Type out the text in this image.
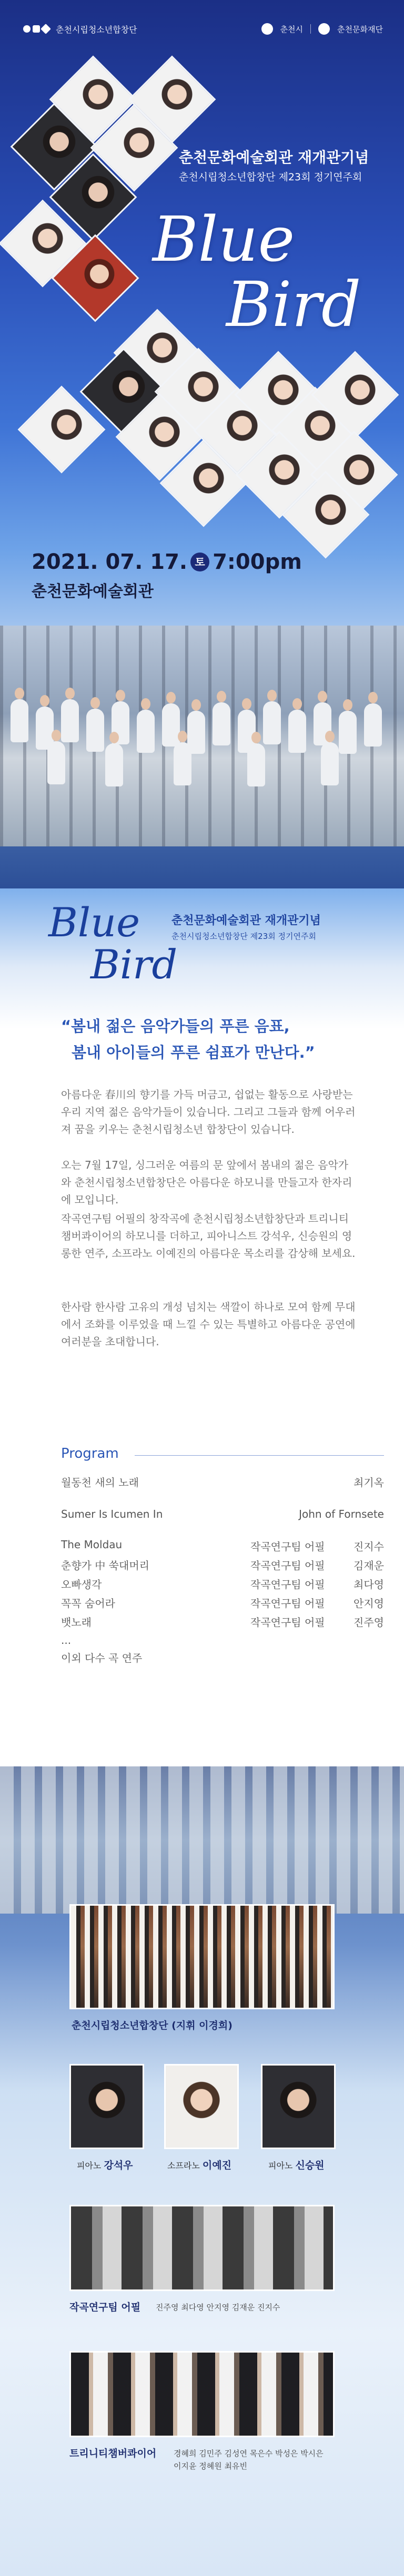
춘천시립청소년합창단	춘천시	춘천문화재단
춘천문화예술회관 재개관기념
춘천시립청소년합창단 제23회 정기연주회
Blue
Bird
2021. 07. 17. 토 7:00pm
춘천문화예술회관
Blue
Bird
춘천문화예술회관 재개관기념
춘천시립청소년합창단 제23회 정기연주회
“봄내 젊은 음악가들의 푸른 음표,
봄내 아이들의 푸른 쉼표가 만난다.”

아름다운 春川의 향기를 가득 머금고, 쉽없는 활동으로 사랑받는 우리 지역 젊은 음악가들이 있습니다. 그리고 그들과 함께 어우러져 꿈을 키우는 춘천시립청소년 합창단이 있습니다.

오는 7월 17일, 싱그러운 여름의 문 앞에서 봄내의 젊은 음악가와 춘천시립청소년합창단은 아름다운 하모니를 만들고자 한자리에 모입니다.

작곡연구팀 어필의 창작곡에 춘천시립청소년합창단과 트리니티 챔버콰이어의 하모니를 더하고, 피아니스트 강석우, 신승원의 영롱한 연주, 소프라노 이예진의 아름다운 목소리를 감상해 보세요.

한사람 한사람 고유의 개성 넘치는 색깔이 하나로 모여 함께 무대에서 조화를 이루었을 때 느낄 수 있는 특별하고 아름다운 공연에 여러분을 초대합니다.

Program
월동천 새의 노래	최기옥
Sumer Is Icumen In	John of Fornsete
The Moldau	작곡연구팀 어필	진지수
춘향가 中 쑥대머리	작곡연구팀 어필	김재운
오빠생각	작곡연구팀 어필	최다영
꼭꼭 숨어라	작곡연구팀 어필	안지영
뱃노래	작곡연구팀 어필	진주영
...
이외 다수 곡 연주
춘천시립청소년합창단 (지휘 이경희)
피아노 강석우	소프라노 이예진	피아노 신승원
작곡연구팀 어필 진주영 최다영 안지영 김재운 진지수
트리니티챔버콰이어 경혜희 김민주 김성연 목은수 박성은 박시은
이지윤 정혜원 최유빈
